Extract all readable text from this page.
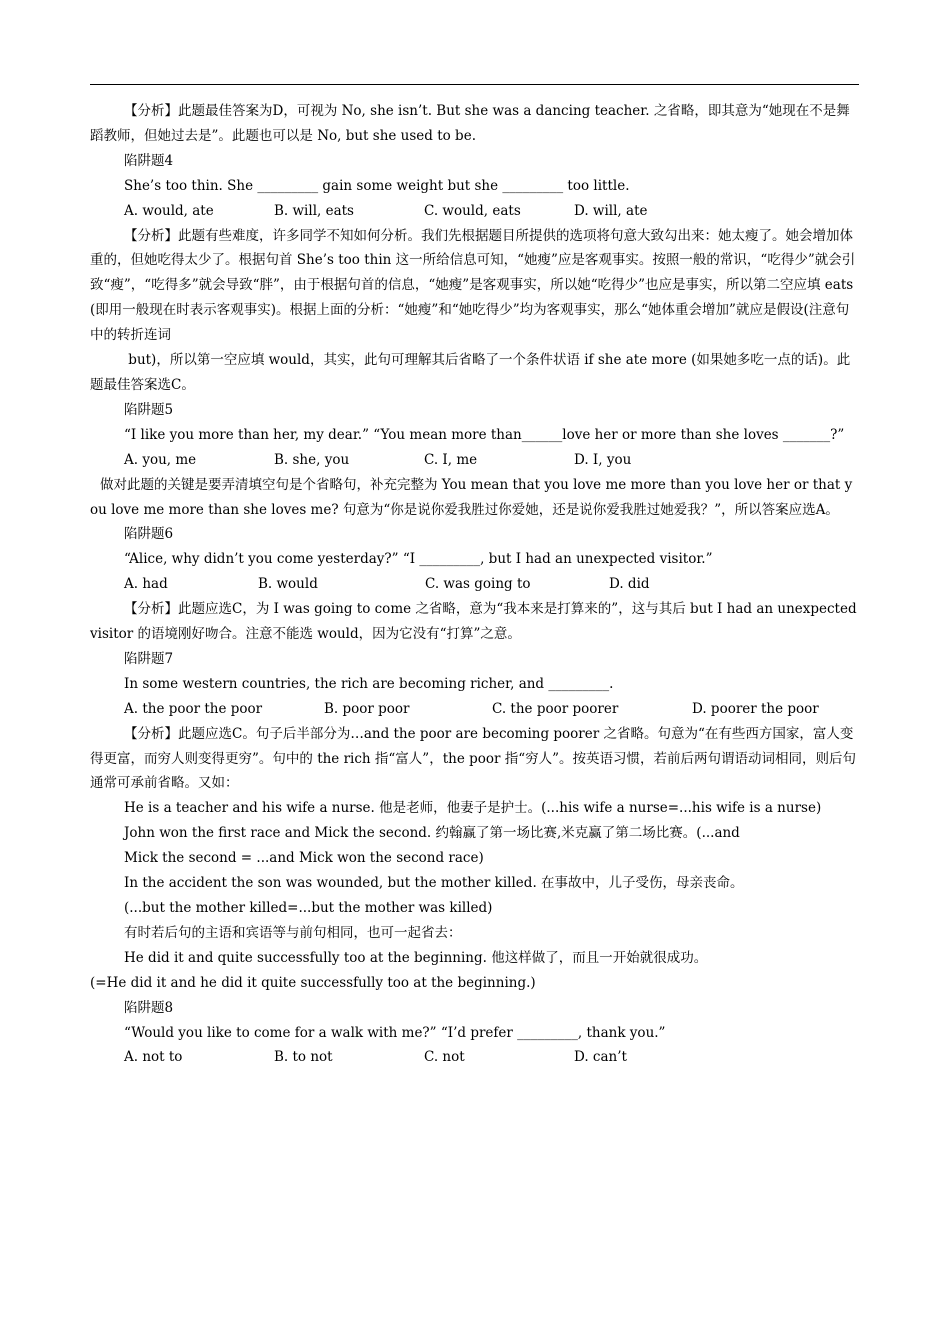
【分析】此题最佳答案为D，可视为 No, she isn’t. But she was a dancing teacher. 之省略，即其意为“她现在不是舞蹈教师，但她过去是”。此题也可以是 No, but she used to be.

陷阱题4

She’s too thin. She _________ gain some weight but she _________ too little.

A. would, ate	B. will, eats	C. would, eats	D. will, ate

【分析】此题有些难度，许多同学不知如何分析。我们先根据题目所提供的选项将句意大致勾出来：她太瘦了。她会增加体重的，但她吃得太少了。根据句首 She’s too thin 这一所给信息可知，“她瘦”应是客观事实。按照一般的常识，“吃得少”就会引致“瘦”，“吃得多”就会导致“胖”，由于根据句首的信息，“她瘦”是客观事实，所以她“吃得少”也应是事实，所以第二空应填 eats(即用一般现在时表示客观事实)。根据上面的分析：“她瘦”和“她吃得少”均为客观事实，那么“她体重会增加”就应是假设(注意句中的转折连词

but)，所以第一空应填 would，其实，此句可理解其后省略了一个条件状语 if she ate more (如果她多吃一点的话)。此题最佳答案选C。

陷阱题5

“I like you more than her, my dear.” “You mean more than______love her or more than she loves _______?”

A. you, me	B. she, you	C. I, me	D. I, you

做对此题的关键是要弄清填空句是个省略句，补充完整为 You mean that you love me more than you love her or that you love me more than she loves me? 句意为“你是说你爱我胜过你爱她，还是说你爱我胜过她爱我？”，所以答案应选A。

陷阱题6

“Alice, why didn’t you come yesterday?” “I _________, but I had an unexpected visitor.”

A. had	B. would	C. was going to	D. did

【分析】此题应选C，为 I was going to come 之省略，意为“我本来是打算来的”，这与其后 but I had an unexpected visitor 的语境刚好吻合。注意不能选 would，因为它没有“打算”之意。

陷阱题7

In some western countries, the rich are becoming richer, and _________.

A. the poor the poor	B. poor poor	C. the poor poorer	D. poorer the poor

【分析】此题应选C。句子后半部分为…and the poor are becoming poorer 之省略。句意为“在有些西方国家，富人变得更富，而穷人则变得更穷”。句中的 the rich 指“富人”，the poor 指“穷人”。按英语习惯，若前后两句谓语动词相同，则后句通常可承前省略。又如：

He is a teacher and his wife a nurse. 他是老师，他妻子是护士。(...his wife a nurse=...his wife is a nurse)

John won the first race and Mick the second. 约翰赢了第一场比赛,米克赢了第二场比赛。(...and

Mick the second = ...and Mick won the second race)

In the accident the son was wounded, but the mother killed. 在事故中，儿子受伤，母亲丧命。

(...but the mother killed=...but the mother was killed)

有时若后句的主语和宾语等与前句相同，也可一起省去：

He did it and quite successfully too at the beginning. 他这样做了，而且一开始就很成功。

(=He did it and he did it quite successfully too at the beginning.)

陷阱题8

“Would you like to come for a walk with me?” “I’d prefer _________, thank you.”

A. not to	B. to not	C. not	D. can’t
